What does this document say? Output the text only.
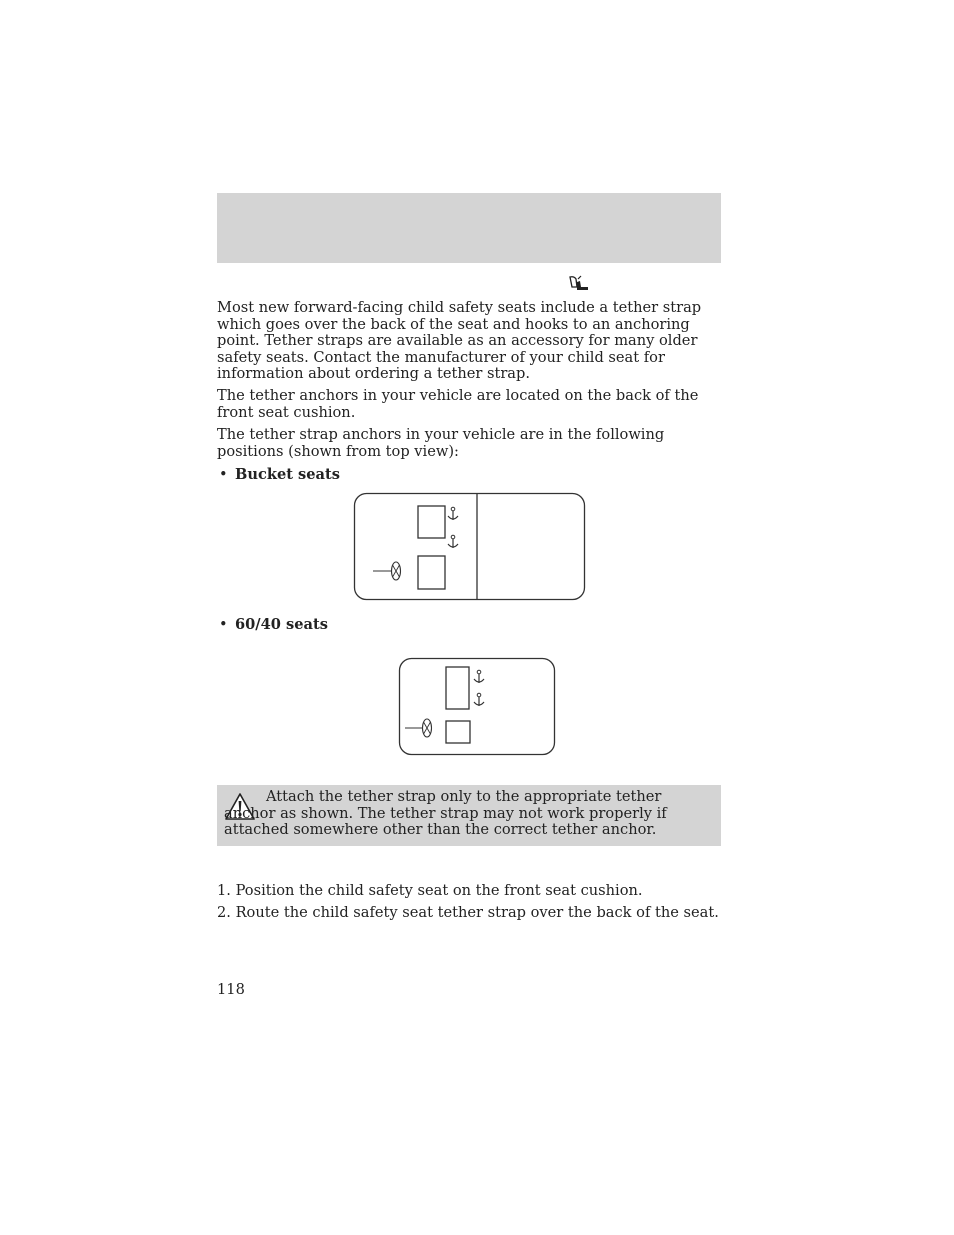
Most new forward-facing child safety seats include a tether strap which goes over the back of the seat and hooks to an anchoring point. Tether straps are available as an accessory for many older safety seats. Contact the manufacturer of your child seat for information about ordering a tether strap.

The tether anchors in your vehicle are located on the back of the front seat cushion.

The tether strap anchors in your vehicle are in the following positions (shown from top view):

• Bucket seats
• 60/40 seats

Attach the tether strap only to the appropriate tether anchor as shown. The tether strap may not work properly if attached somewhere other than the correct tether anchor.

1. Position the child safety seat on the front seat cushion.
2. Route the child safety seat tether strap over the back of the seat.
118
